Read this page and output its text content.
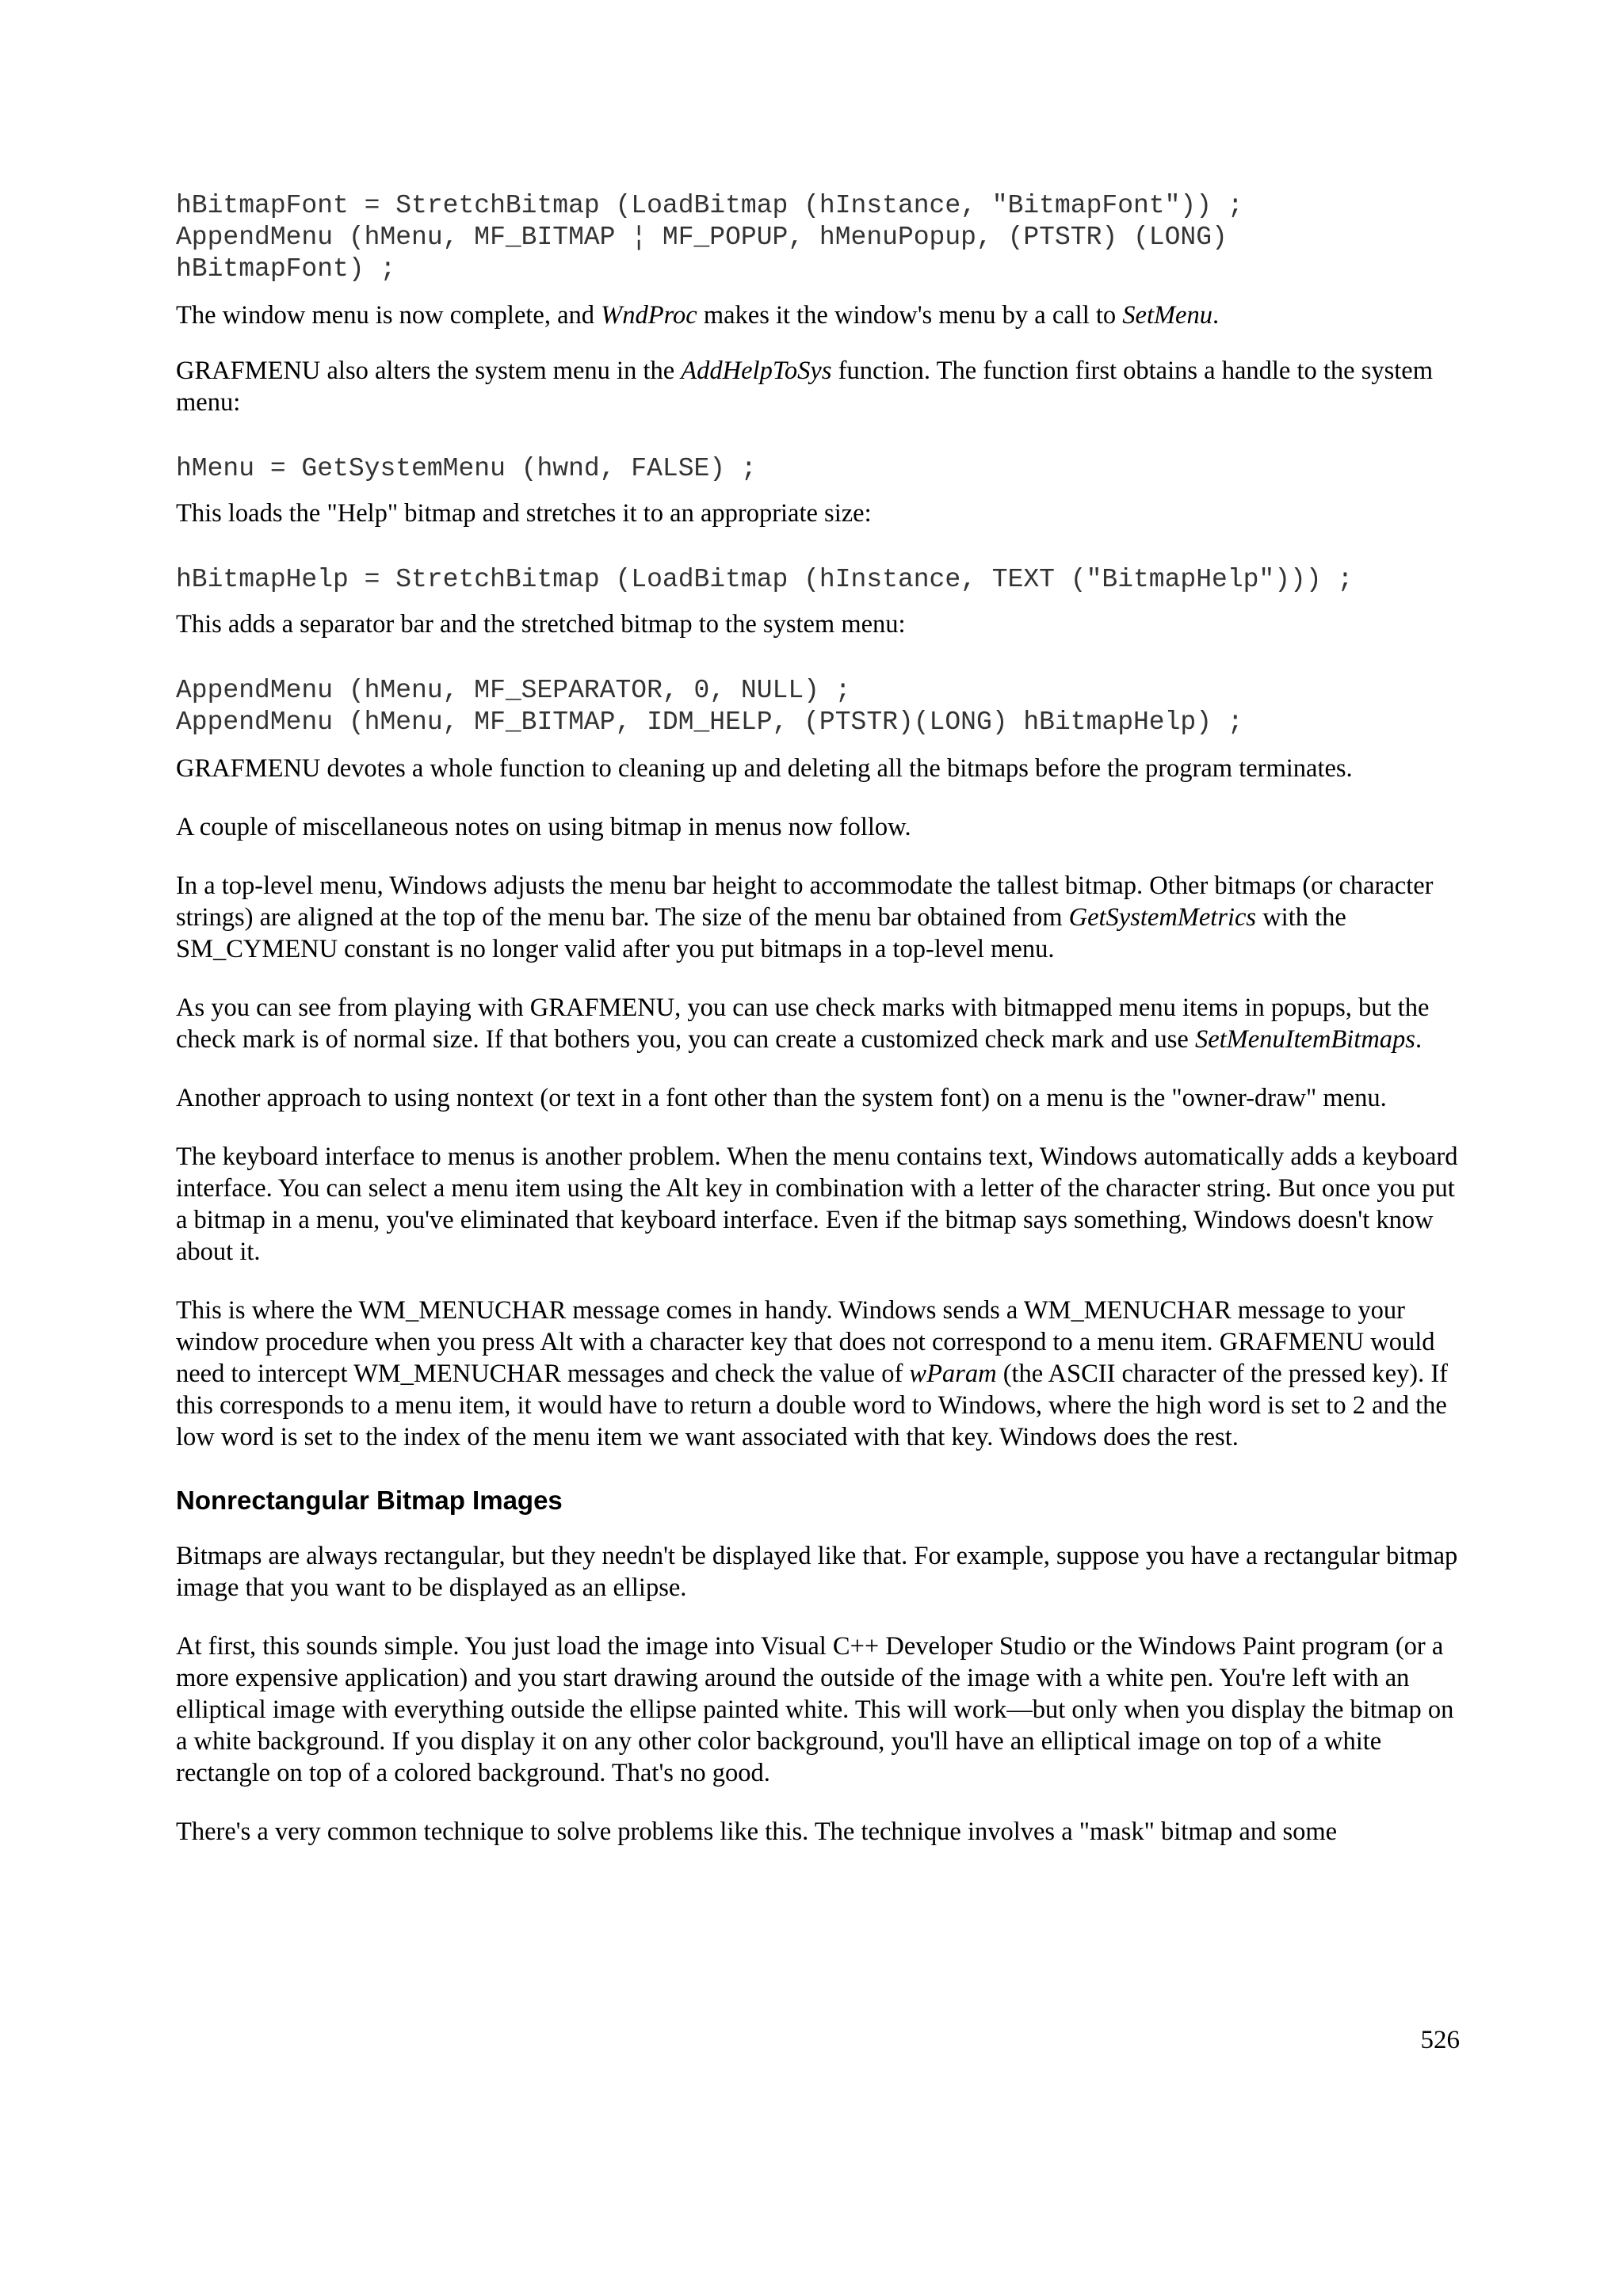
hBitmapFont = StretchBitmap (LoadBitmap (hInstance, "BitmapFont")) ;
AppendMenu (hMenu, MF_BITMAP ¦ MF_POPUP, hMenuPopup, (PTSTR) (LONG)
hBitmapFont) ;

The window menu is now complete, and WndProc makes it the window's menu by a call to SetMenu.

GRAFMENU also alters the system menu in the AddHelpToSys function. The function first obtains a handle to the system menu:

hMenu = GetSystemMenu (hwnd, FALSE) ;

This loads the "Help" bitmap and stretches it to an appropriate size:

hBitmapHelp = StretchBitmap (LoadBitmap (hInstance, TEXT ("BitmapHelp"))) ;

This adds a separator bar and the stretched bitmap to the system menu:

AppendMenu (hMenu, MF_SEPARATOR, 0, NULL) ;
AppendMenu (hMenu, MF_BITMAP, IDM_HELP, (PTSTR)(LONG) hBitmapHelp) ;

GRAFMENU devotes a whole function to cleaning up and deleting all the bitmaps before the program terminates.

A couple of miscellaneous notes on using bitmap in menus now follow.

In a top-level menu, Windows adjusts the menu bar height to accommodate the tallest bitmap. Other bitmaps (or character strings) are aligned at the top of the menu bar. The size of the menu bar obtained from GetSystemMetrics with the SM_CYMENU constant is no longer valid after you put bitmaps in a top-level menu.

As you can see from playing with GRAFMENU, you can use check marks with bitmapped menu items in popups, but the check mark is of normal size. If that bothers you, you can create a customized check mark and use SetMenuItemBitmaps.

Another approach to using nontext (or text in a font other than the system font) on a menu is the "owner-draw" menu.

The keyboard interface to menus is another problem. When the menu contains text, Windows automatically adds a keyboard interface. You can select a menu item using the Alt key in combination with a letter of the character string. But once you put a bitmap in a menu, you've eliminated that keyboard interface. Even if the bitmap says something, Windows doesn't know about it.

This is where the WM_MENUCHAR message comes in handy. Windows sends a WM_MENUCHAR message to your window procedure when you press Alt with a character key that does not correspond to a menu item. GRAFMENU would need to intercept WM_MENUCHAR messages and check the value of wParam (the ASCII character of the pressed key). If this corresponds to a menu item, it would have to return a double word to Windows, where the high word is set to 2 and the low word is set to the index of the menu item we want associated with that key. Windows does the rest.

Nonrectangular Bitmap Images

Bitmaps are always rectangular, but they needn't be displayed like that. For example, suppose you have a rectangular bitmap image that you want to be displayed as an ellipse.

At first, this sounds simple. You just load the image into Visual C++ Developer Studio or the Windows Paint program (or a more expensive application) and you start drawing around the outside of the image with a white pen. You're left with an elliptical image with everything outside the ellipse painted white. This will work—but only when you display the bitmap on a white background. If you display it on any other color background, you'll have an elliptical image on top of a white rectangle on top of a colored background. That's no good.

There's a very common technique to solve problems like this. The technique involves a "mask" bitmap and some

526
